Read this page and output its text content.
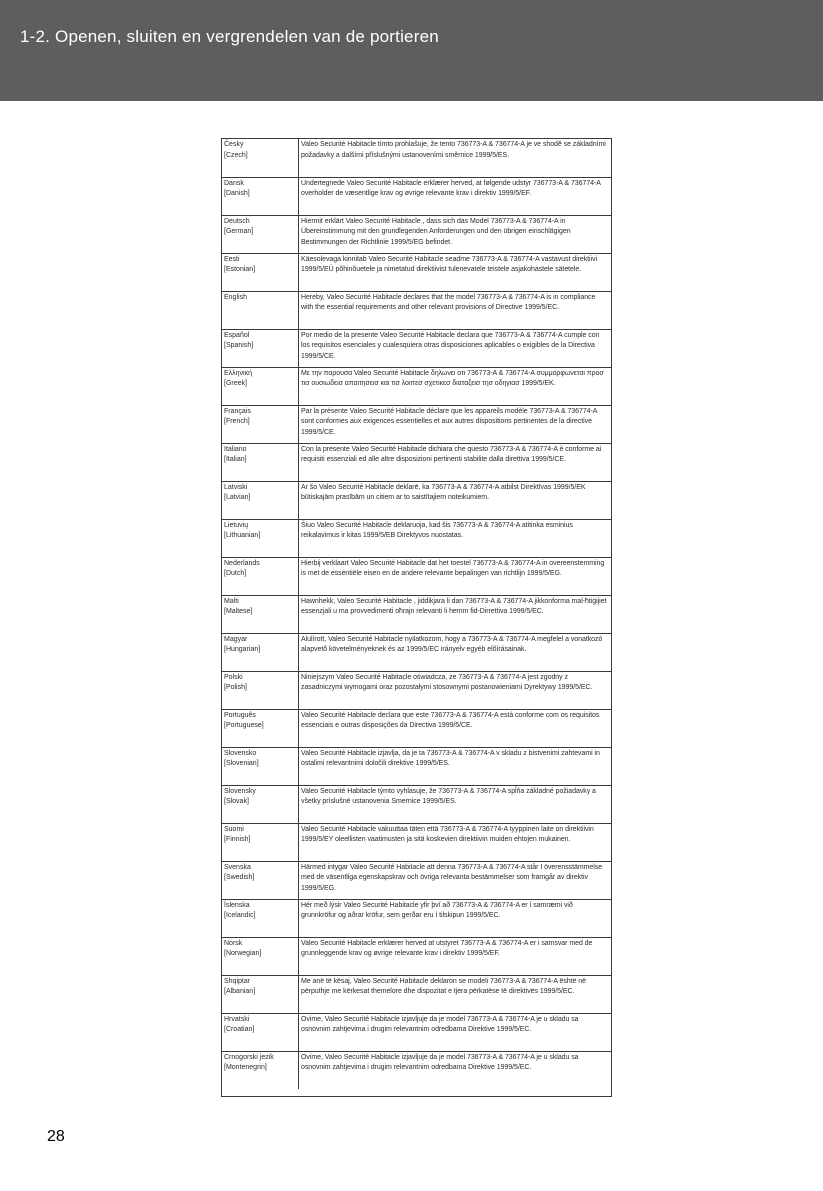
1-2. Openen, sluiten en vergrendelen van de portieren
Česky
[Czech]	Valeo Securité Habitacle tímto prohlašuje, že tento 736773-A & 736774-A je ve shodě se základními požadavky a dalšími příslušnými ustanoveními směrnice 1999/5/ES.

Dansk
[Danish]	Undertegnede Valeo Securité Habitacle erklærer herved, at følgende udstyr 736773-A & 736774-A overholder de væsentlige krav og øvrige relevante krav i direktiv 1999/5/EF.

Deutsch
[German]	Hiermit erklärt Valeo Securité Habitacle , dass sich das Model 736773-A & 736774-A in Übereinstimmung mit den grundlegenden Anforderungen und den übrigen einschlägigen Bestimmungen der Richtlinie 1999/5/EG befindet.

Eesti
[Estonian]	Käesolevaga kinnitab Valeo Securité Habitacle seadme 736773-A & 736774-A vastavust direktiivi 1999/5/EÜ põhinõuetele ja nimetatud direktiivist tulenevatele teistele asjakohastele sätetele.

English	Hereby, Valeo Securité Habitacle declares that the model 736773-A & 736774-A is in compliance with the essential requirements and other relevant provisions of Directive 1999/5/EC.

Español
[Spanish]	Por medio de la presente Valeo Securité Habitacle declara que 736773-A & 736774-A cumple con los requisitos esenciales y cualesquiera otras disposiciones aplicables o exigibles de la Directiva 1999/5/CE.

Ελληνική
[Greek]	Με την παρουσα Valeo Securité Habitacle δηλωνει οτι 736773-A & 736774-A συμμορφωνεται προσ τισ ουσιωδεισ απαιτησεισ και τισ λοιπεσ σχετικεσ διαταξεισ τησ οδηγιασ 1999/5/ΕΚ.

Français
[French]	Par la présente Valeo Securité Habitacle déclare que les appareils modèle 736773-A & 736774-A sont conformes aux exigences essentielles et aux autres dispositions pertinentes de la directive 1999/5/CE.

Italiano
[Italian]	Con la presente Valeo Securité Habitacle dichiara che questo 736773-A & 736774-A è conforme ai requisiti essenziali ed alle altre disposizioni pertinenti stabilite dalla direttiva 1999/5/CE.

Latviski
[Latvian]	Ar šo Valeo Securité Habitacle deklarē, ka 736773-A & 736774-A atbilst Direktīvas 1999/5/EK būtiskajām prasībām un citiem ar to saistītajiem noteikumiem.

Lietuvių
[Lithuanian]	Šiuo Valeo Securité Habitacle deklaruoja, kad šis 736773-A & 736774-A atitinka esminius reikalavimus ir kitas 1999/5/EB Direktyvos nuostatas.

Nederlands
[Dutch]	Hierbij verklaart Valeo Securité Habitacle dat het toestel 736773-A & 736774-A in overeenstemming is met de essentiële eisen en de andere relevante bepalingen van richtlijn 1999/5/EG.

Malti
[Maltese]	Hawnhekk, Valeo Securité Habitacle , jiddikjara li dan 736773-A & 736774-A jikkonforma mal-ħtiġijiet essenzjali u ma provvedimenti oħrajn relevanti li hemm fid-Dirrettiva 1999/5/EC.

Magyar
[Hungarian]	Alulírott, Valeo Securité Habitacle nyilatkozom, hogy a 736773-A & 736774-A megfelel a vonatkozó alapvetõ követelményeknek és az 1999/5/EC irányelv egyéb elõírásainak.

Polski
[Polish]	Niniejszym Valeo Securité Habitacle oświadcza, że 736773-A & 736774-A jest zgodny z zasadniczymi wymogami oraz pozostałymi stosownymi postanowieniami Dyrektywy 1999/5/EC.

Português
[Portuguese]	Valeo Securité Habitacle declara que este 736773-A & 736774-A está conforme com os requisitos essenciais e outras disposições da Directiva 1999/5/CE.

Slovensko
[Slovenian]	Valeo Securité Habitacle izjavlja, da je ta 736773-A & 736774-A v skladu z bistvenimi zahtevami in ostalimi relevantnimi določili direktive 1999/5/ES.

Slovensky
[Slovak]	Valeo Securité Habitacle týmto vyhlasuje, že 736773-A & 736774-A spĺňa základné požiadavky a všetky príslušné ustanovenia Smernice 1999/5/ES.

Suomi
[Finnish]	Valeo Securité Habitacle vakuuttaa täten että 736773-A & 736774-A tyyppinen laite on direktiivin 1999/5/EY oleellisten vaatimusten ja sitä koskevien direktiivin muiden ehtojen mukainen.

Svenska
[Swedish]	Härmed intygar Valeo Securité Habitacle att denna 736773-A & 736774-A står I överensstämmelse med de väsentliga egenskapskrav och övriga relevanta bestämmelser som framgår av direktiv 1999/5/EG.

Íslenska
[Icelandic]	Hér með lýsir Valeo Securité Habitacle yfir því að 736773-A & 736774-A er í samræmi við grunnkröfur og aðrar kröfur, sem gerðar eru í tilskipun 1999/5/EC.

Norsk
[Norwegian]	Valeo Securité Habitacle erklærer herved at utstyret 736773-A & 736774-A er i samsvar med de grunnleggende krav og øvrige relevante krav i direktiv 1999/5/EF.

Shqiptar
[Albanian]	Me anë të kësaj, Valeo Securité Habitacle deklaron se modeli 736773-A & 736774-A është në përputhje me kërkesat themelore dhe dispozitat e tjera përkatëse të direktivës 1999/5/EC.

Hrvatski
[Croatian]	Ovime, Valeo Securité Habitacle izjavljuje da je model 736773-A & 736774-A je u skladu sa osnovnim zahtjevima i drugim relevantnim odredbama Direktive 1999/5/EC.

Crnogorski jezik
[Montenegrin]	Ovime, Valeo Securité Habitacle izjavljuje da je model 736773-A & 736774-A je u skladu sa osnovnim zahtjevima i drugim relevantnim odredbama Direktive 1999/5/EC.
28
